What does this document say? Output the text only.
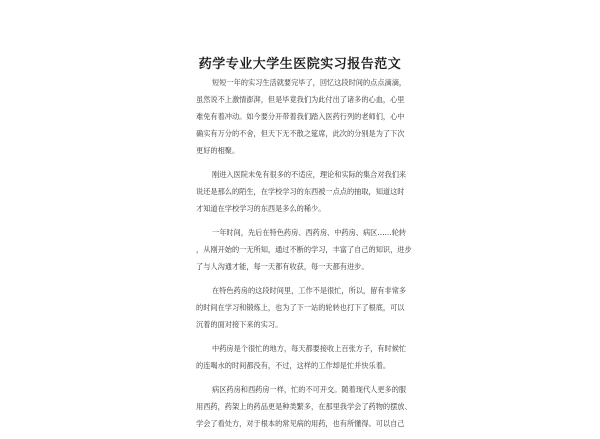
药学专业大学生医院实习报告范文
短短一年的实习生活就要完毕了，回忆这段时间的点点滴滴，
虽然说不上激情澎湃，但是毕竟我们为此付出了诸多的心血，心里
难免有着冲动。如今要分开带着我们踏入医药行列的老师们，心中
确实有万分的不舍，但天下无不散之筵席，此次的分别是为了下次
更好的相聚。
刚进入医院未免有很多的不适应，理论和实际的集合对我们来
说还是那么的陌生，在学校学习的东西被一点点的抽取，知道这时
才知道在学校学习的东西是多么的稀少。
一年时间，先后在特色药房、西药房、中药房、病区……轮转
，从刚开始的一无所知，通过不断的学习，丰富了自己的知识，进步
了与人沟通才能，每一天都有收获，每一天都有进步。
在特色药房的这段时间里，工作不是很忙，所以，留有非常多
的时间在学习和锻炼上，也为了下一站的轮转也打下了根底，可以
沉着的面对接下来的实习。
中药房是个很忙的地方，每天都要接收上百张方子，有时候忙
的连喝水的时间都没有，不过，这样的工作却是忙并快乐着。
病区药房和西药房一样，忙的不可开交。随着现代人更多的服
用西药，药架上的药品更是种类繁多，在那里我学会了药物的摆放、
学会了看处方，对于根本的常见病的用药，也有所懂得。可以自己
